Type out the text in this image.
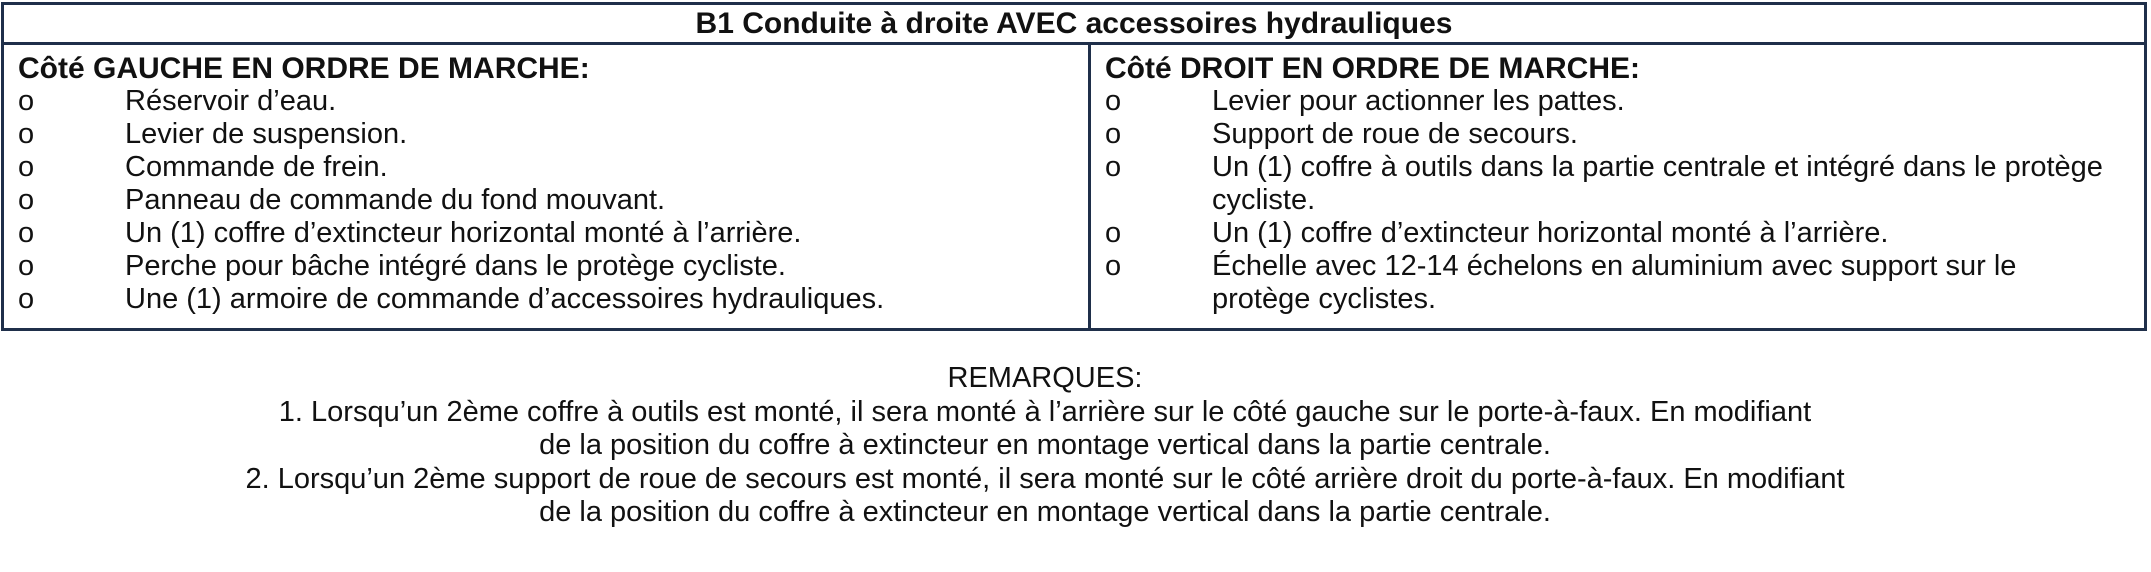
B1 Conduite à droite AVEC accessoires hydrauliques
Côté GAUCHE EN ORDRE DE MARCHE:
o	Réservoir d’eau.
o	Levier de suspension.
o	Commande de frein.
o	Panneau de commande du fond mouvant.
o	Un (1) coffre d’extincteur horizontal monté à l’arrière.
o	Perche pour bâche intégré dans le protège cycliste.
o	Une (1) armoire de commande d’accessoires hydrauliques.
Côté DROIT EN ORDRE DE MARCHE:
o	Levier pour actionner les pattes.
o	Support de roue de secours.
o	Un (1) coffre à outils dans la partie centrale et intégré dans le protège cycliste.
o	Un (1) coffre d’extincteur horizontal monté à l’arrière.
o	Échelle avec 12-14 échelons en aluminium avec support sur le protège cyclistes.
REMARQUES:
1. Lorsqu’un 2ème coffre à outils est monté, il sera monté à l’arrière sur le côté gauche sur le porte-à-faux. En modifiant
de la position du coffre à extincteur en montage vertical dans la partie centrale.
2. Lorsqu’un 2ème support de roue de secours est monté, il sera monté sur le côté arrière droit du porte-à-faux. En modifiant
de la position du coffre à extincteur en montage vertical dans la partie centrale.
